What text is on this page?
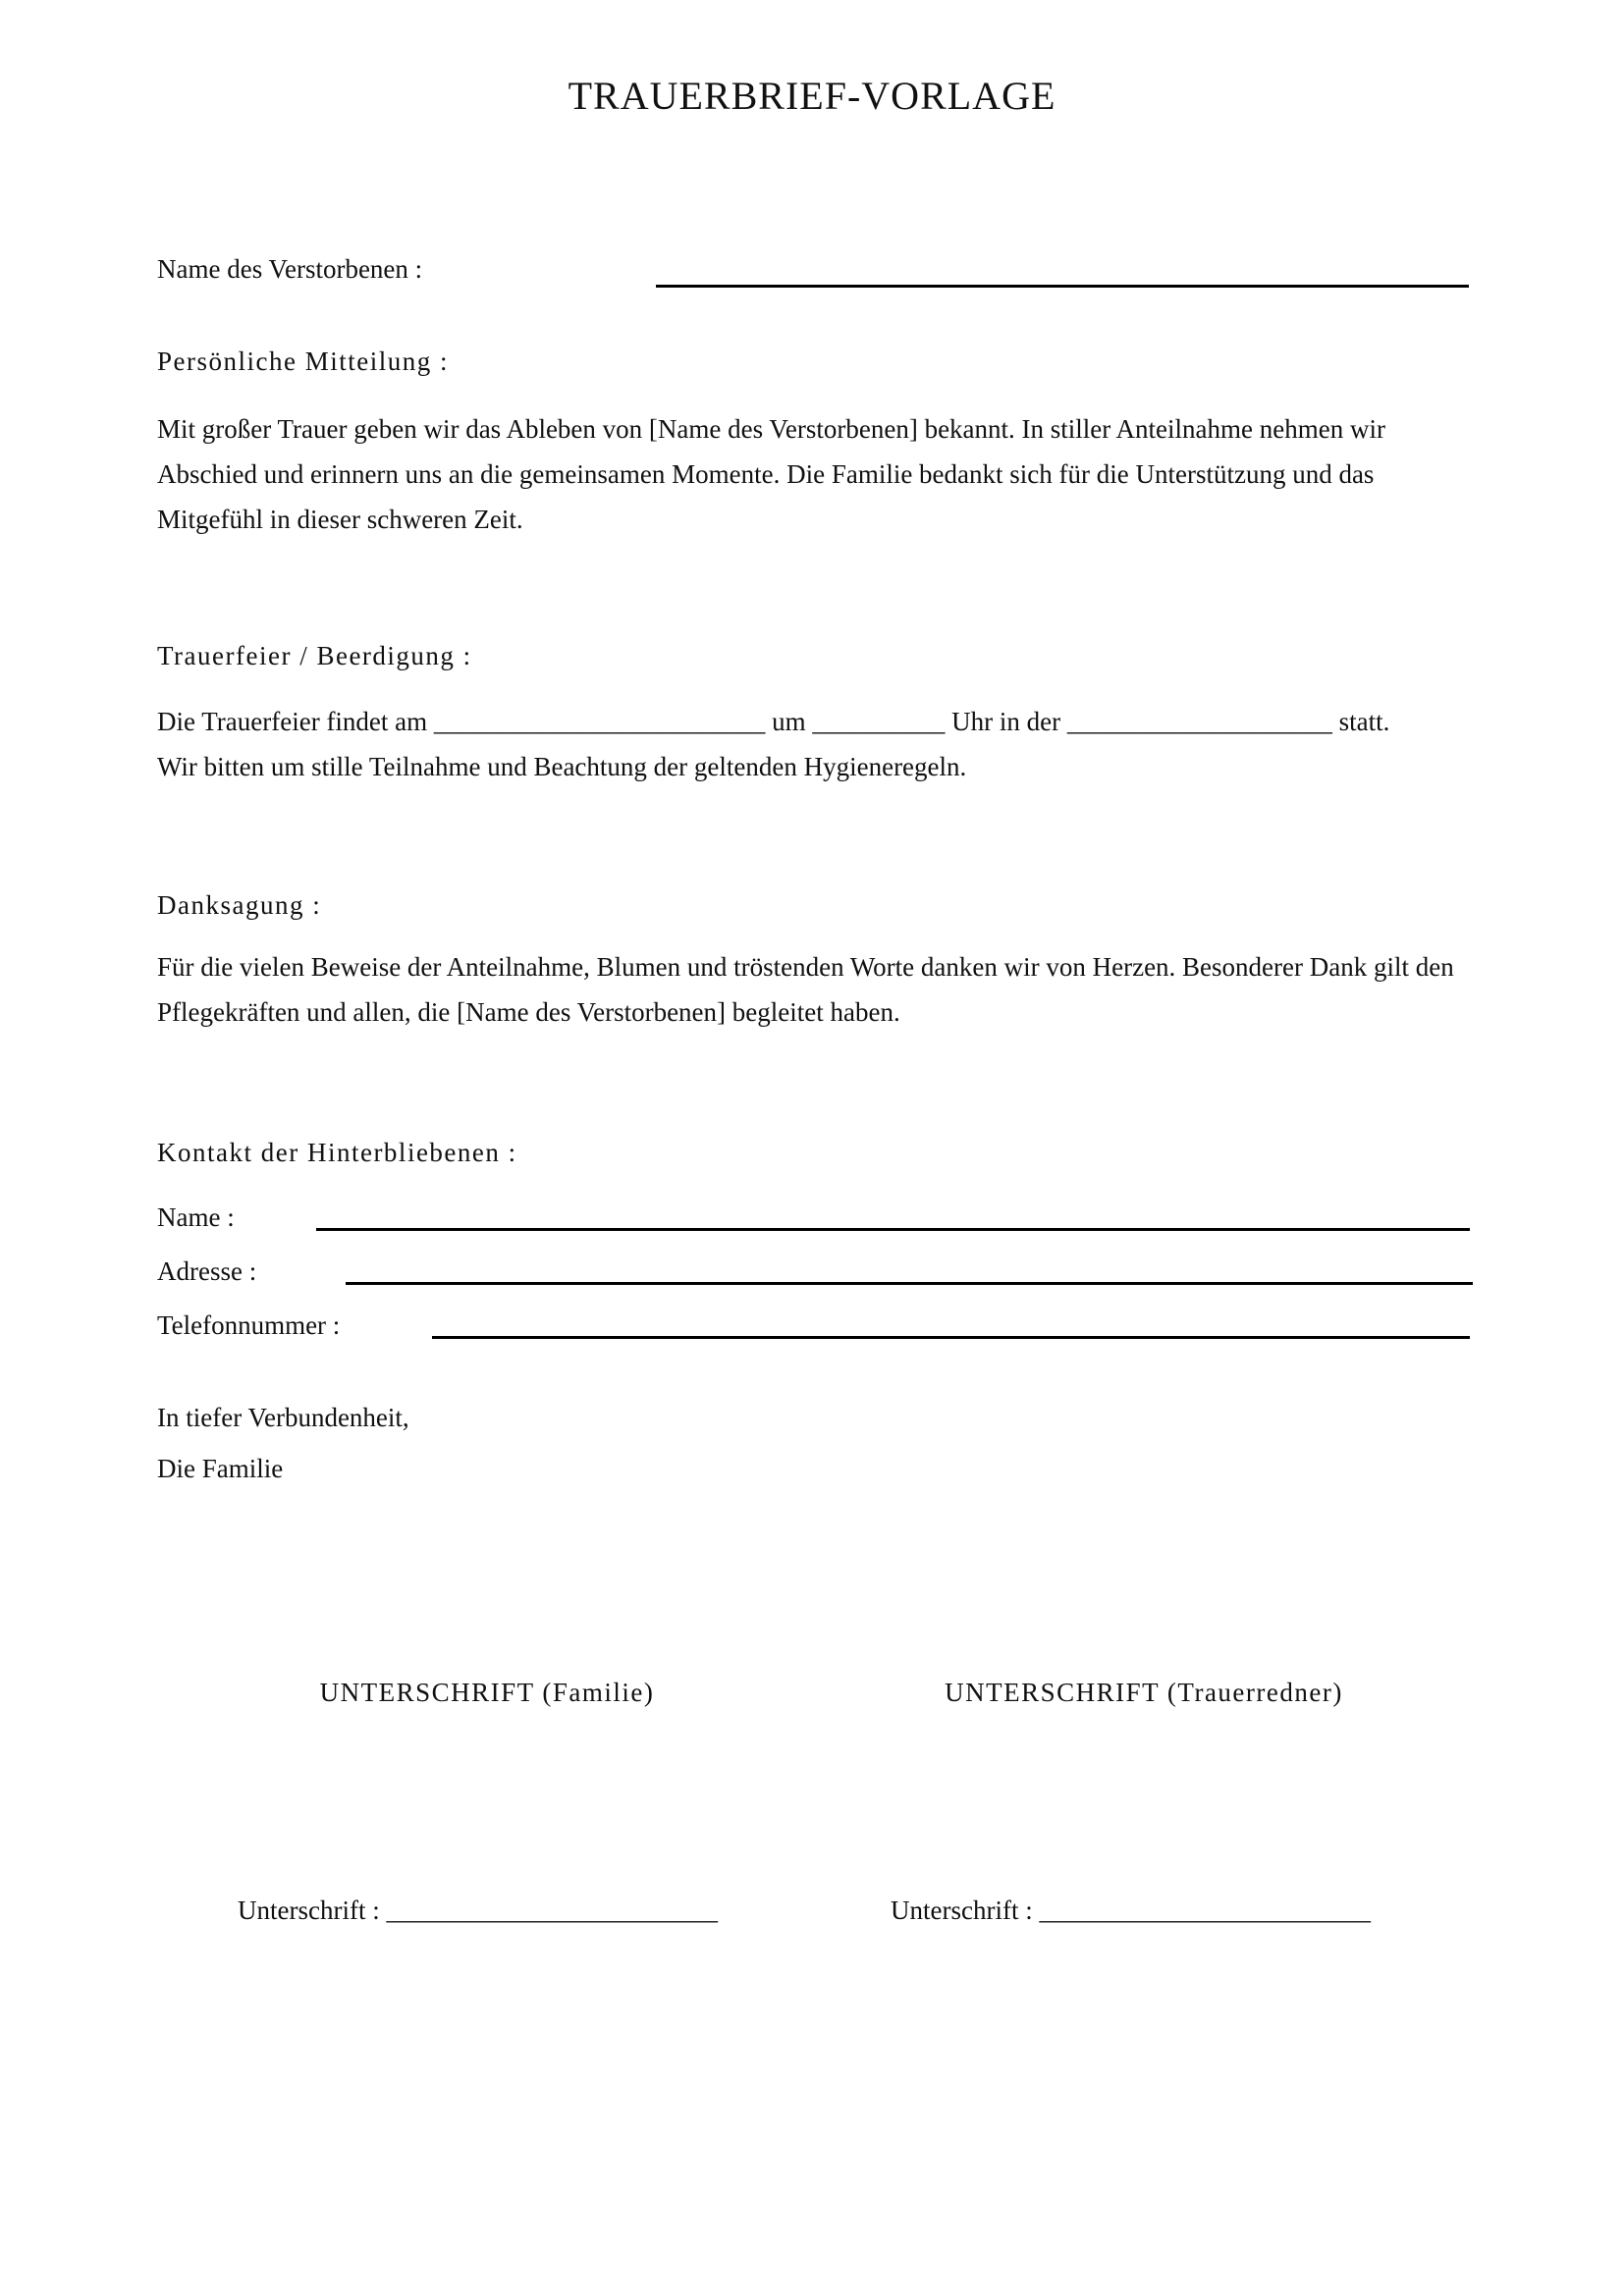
TRAUERBRIEF-VORLAGE
Name des Verstorbenen :
Persönliche Mitteilung :
Mit großer Trauer geben wir das Ableben von [Name des Verstorbenen] bekannt. In stiller Anteilnahme nehmen wir Abschied und erinnern uns an die gemeinsamen Momente. Die Familie bedankt sich für die Unterstützung und das Mitgefühl in dieser schweren Zeit.
Trauerfeier / Beerdigung :
Die Trauerfeier findet am _________________________ um __________ Uhr in der ____________________ statt.
Wir bitten um stille Teilnahme und Beachtung der geltenden Hygieneregeln.
Danksagung :
Für die vielen Beweise der Anteilnahme, Blumen und tröstenden Worte danken wir von Herzen. Besonderer Dank gilt den Pflegekräften und allen, die [Name des Verstorbenen] begleitet haben.
Kontakt der Hinterbliebenen :
Name :
Adresse :
Telefonnummer :
In tiefer Verbundenheit,
Die Familie
UNTERSCHRIFT (Familie)	UNTERSCHRIFT (Trauerredner)
Unterschrift : _________________________	Unterschrift : _________________________
